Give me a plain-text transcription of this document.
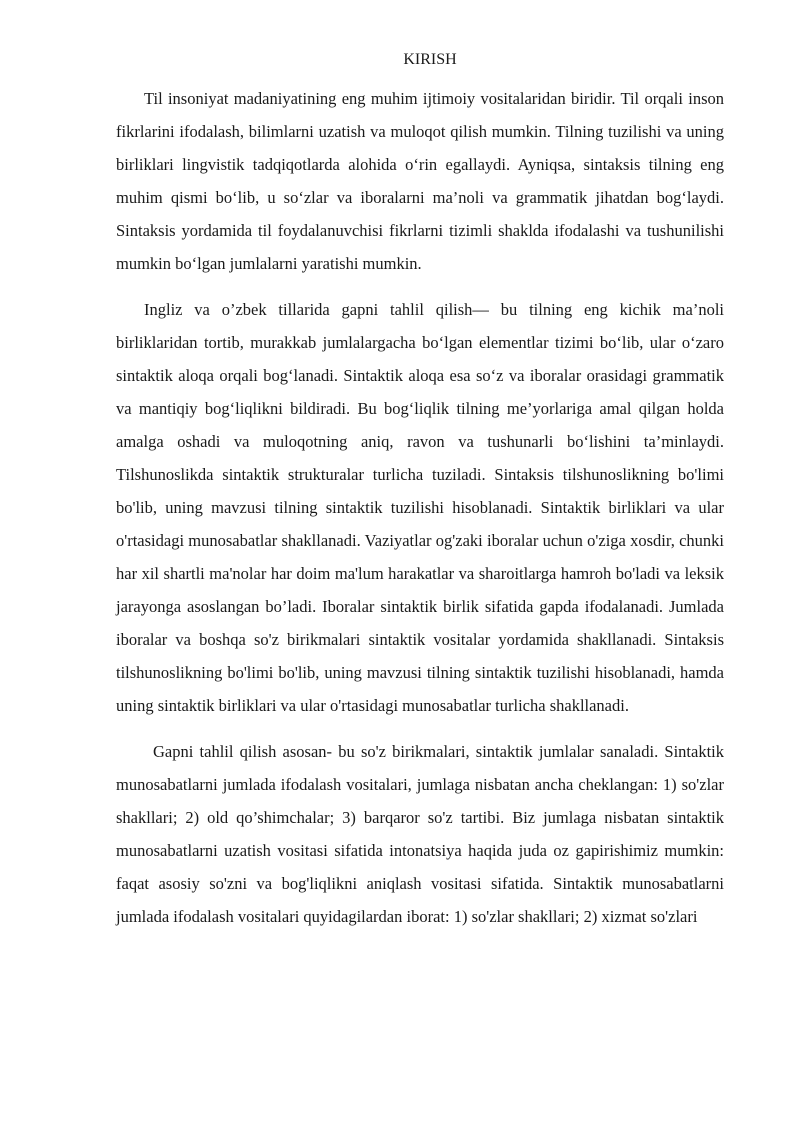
KIRISH

Til insoniyat madaniyatining eng muhim ijtimoiy vositalaridan biridir. Til orqali inson fikrlarini ifodalash, bilimlarni uzatish va muloqot qilish mumkin. Tilning tuzilishi va uning birliklari lingvistik tadqiqotlarda alohida o‘rin egallaydi. Ayniqsa, sintaksis tilning eng muhim qismi bo‘lib, u so‘zlar va iboralarni ma’noli va grammatik jihatdan bog‘laydi. Sintaksis yordamida til foydalanuvchisi fikrlarni tizimli shaklda ifodalashi va tushunilishi mumkin bo‘lgan jumlalarni yaratishi mumkin.

Ingliz va o’zbek tillarida gapni tahlil qilish— bu tilning eng kichik ma’noli birliklaridan tortib, murakkab jumlalargacha bo‘lgan elementlar tizimi bo‘lib, ular o‘zaro sintaktik aloqa orqali bog‘lanadi. Sintaktik aloqa esa so‘z va iboralar orasidagi grammatik va mantiqiy bog‘liqlikni bildiradi. Bu bog‘liqlik tilning me’yorlariga amal qilgan holda amalga oshadi va muloqotning aniq, ravon va tushunarli bo‘lishini ta’minlaydi. Tilshunoslikda sintaktik strukturalar turlicha tuziladi. Sintaksis tilshunoslikning bo'limi bo'lib, uning mavzusi tilning sintaktik tuzilishi hisoblanadi. Sintaktik birliklari va ular o'rtasidagi munosabatlar shakllanadi. Vaziyatlar og'zaki iboralar uchun o'ziga xosdir, chunki har xil shartli ma'nolar har doim ma'lum harakatlar va sharoitlarga hamroh bo'ladi va leksik jarayonga asoslangan bo’ladi. Iboralar sintaktik birlik sifatida gapda ifodalanadi. Jumlada iboralar va boshqa so'z birikmalari sintaktik vositalar yordamida shakllanadi. Sintaksis tilshunoslikning bo'limi bo'lib, uning mavzusi tilning sintaktik tuzilishi hisoblanadi, hamda uning sintaktik birliklari va ular o'rtasidagi munosabatlar turlicha shakllanadi.

Gapni tahlil qilish asosan- bu so'z birikmalari, sintaktik jumlalar sanaladi. Sintaktik munosabatlarni jumlada ifodalash vositalari, jumlaga nisbatan ancha cheklangan: 1) so'zlar shakllari; 2) old qo’shimchalar; 3) barqaror so'z tartibi. Biz jumlaga nisbatan sintaktik munosabatlarni uzatish vositasi sifatida intonatsiya haqida juda oz gapirishimiz mumkin: faqat asosiy so'zni va bog'liqlikni aniqlash vositasi sifatida. Sintaktik munosabatlarni jumlada ifodalash vositalari quyidagilardan iborat: 1) so'zlar shakllari; 2) xizmat so'zlari
